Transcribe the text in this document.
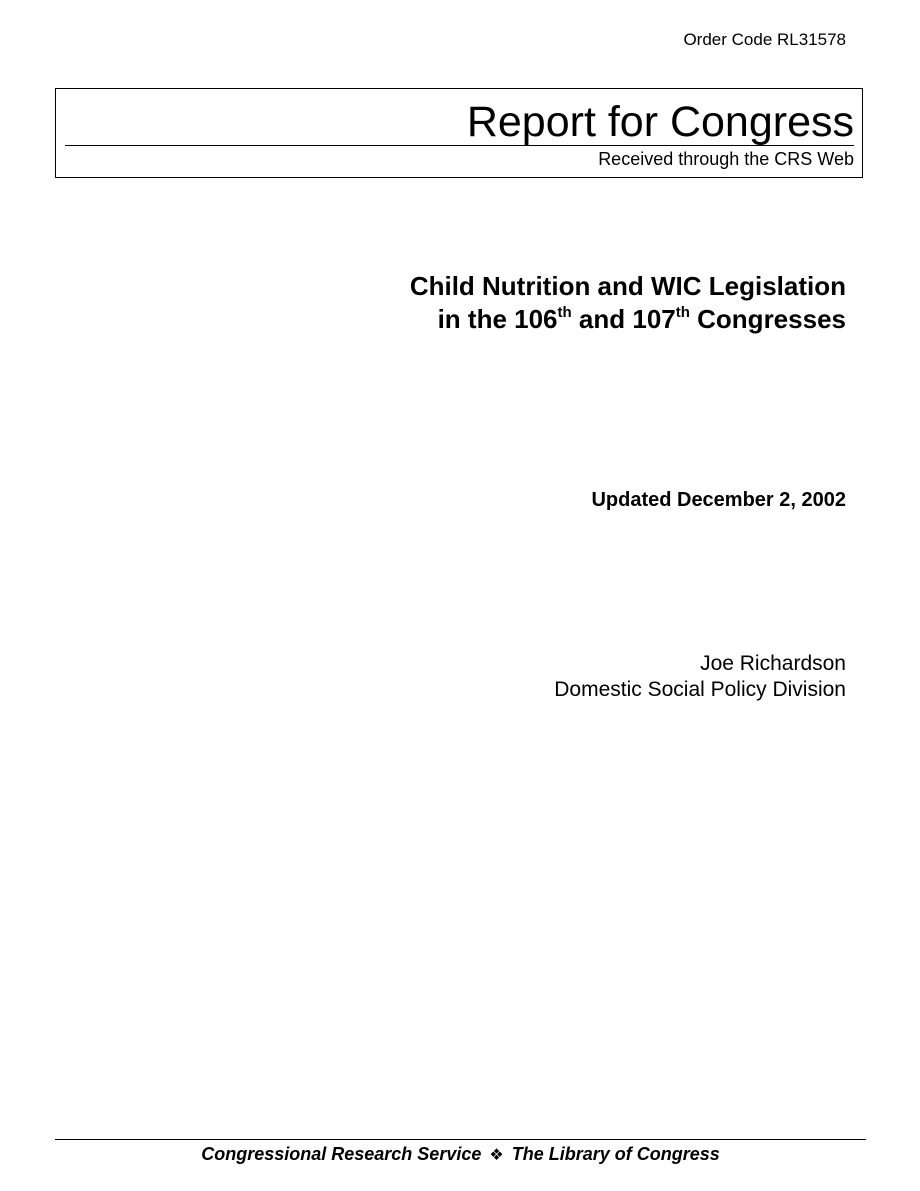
Order Code RL31578
Report for Congress
Received through the CRS Web
Child Nutrition and WIC Legislation
in the 106th and 107th Congresses
Updated December 2, 2002
Joe Richardson
Domestic Social Policy Division
Congressional Research Service ❖ The Library of Congress
